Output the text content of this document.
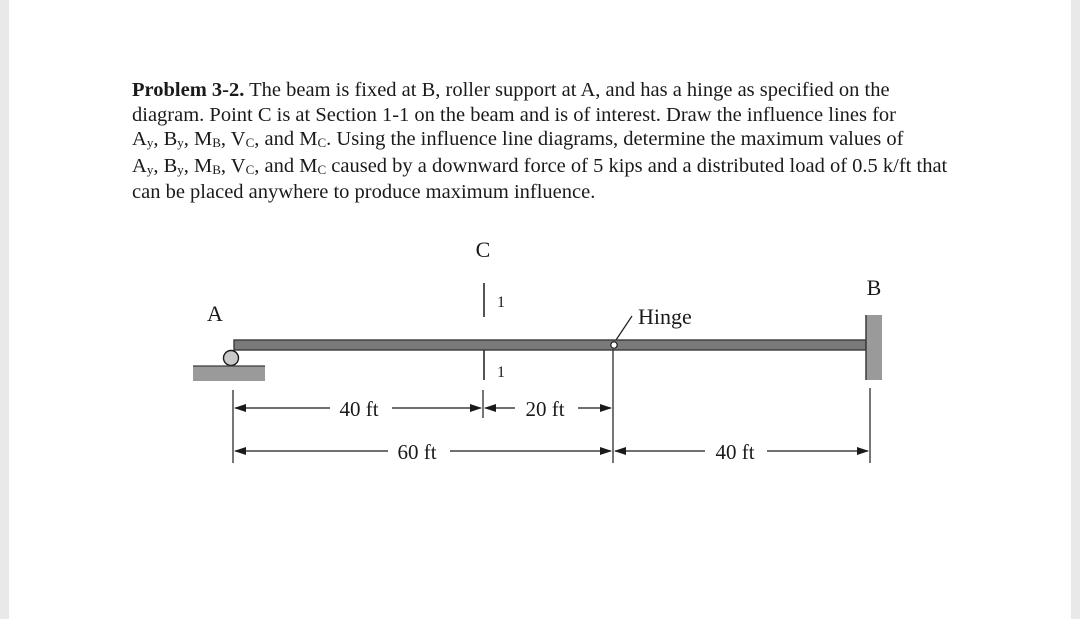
Problem 3-2. The beam is fixed at B, roller support at A, and has a hinge as specified on the diagram. Point C is at Section 1-1 on the beam and is of interest. Draw the influence lines for
$A_y$, $B_y$, $M_B$, $V_C$, and $M_C$. Using the influence line diagrams, determine the maximum values of
$A_y$, $B_y$, $M_B$, $V_C$, and $M_C$ caused by a downward force of 5 kips and a distributed load of 0.5 k/ft that can be placed anywhere to produce maximum influence.

C
1
1
A
B
Hinge
40 ft	20 ft
60 ft	40 ft
